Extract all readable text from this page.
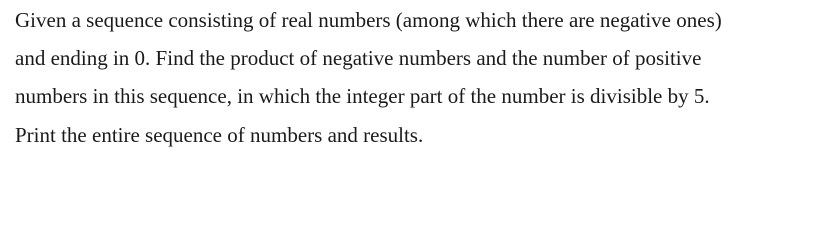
Given a sequence consisting of real numbers (among which there are negative ones)
and ending in 0. Find the product of negative numbers and the number of positive
numbers in this sequence, in which the integer part of the number is divisible by 5.
Print the entire sequence of numbers and results.
